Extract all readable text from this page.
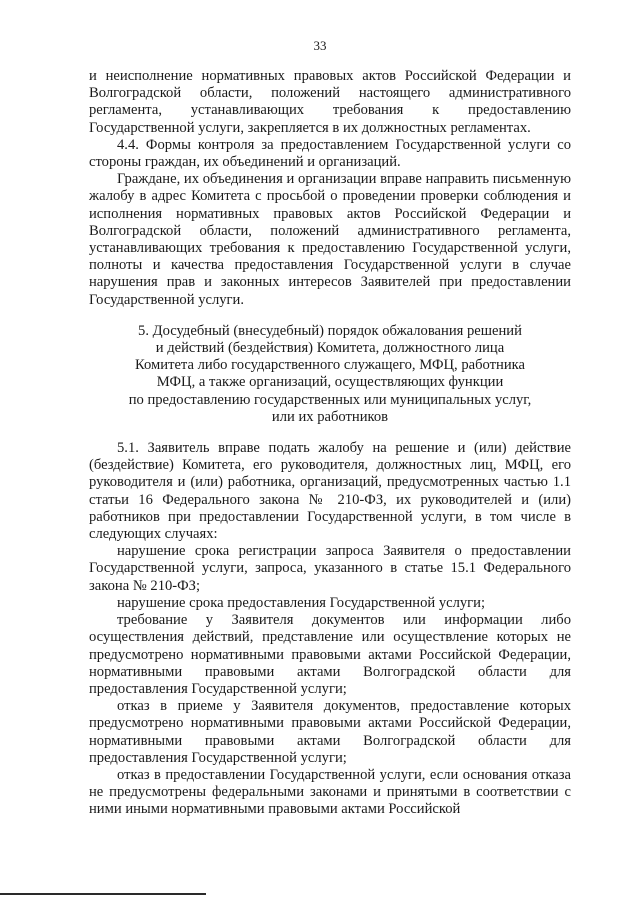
33

и неисполнение нормативных правовых актов Российской Федерации и Волгоградской области, положений настоящего административного регламента, устанавливающих требования к предоставлению Государственной услуги, закрепляется в их должностных регламентах.

4.4. Формы контроля за предоставлением Государственной услуги со стороны граждан, их объединений и организаций.

Граждане, их объединения и организации вправе направить письменную жалобу в адрес Комитета с просьбой о проведении проверки соблюдения и исполнения нормативных правовых актов Российской Федерации и Волгоградской области, положений административного регламента, устанавливающих требования к предоставлению Государственной услуги, полноты и качества предоставления Государственной услуги в случае нарушения прав и законных интересов Заявителей при предоставлении Государственной услуги.

5. Досудебный (внесудебный) порядок обжалования решений

и действий (бездействия) Комитета, должностного лица

Комитета либо государственного служащего, МФЦ, работника

МФЦ, а также организаций, осуществляющих функции

по предоставлению государственных или муниципальных услуг,

или их работников

5.1. Заявитель вправе подать жалобу на решение и (или) действие (бездействие) Комитета, его руководителя, должностных лиц, МФЦ, его руководителя и (или) работника, организаций, предусмотренных частью 1.1 статьи 16 Федерального закона № 210-ФЗ, их руководителей и (или) работников при предоставлении Государственной услуги, в том числе в следующих случаях:

нарушение срока регистрации запроса Заявителя о предоставлении Государственной услуги, запроса, указанного в статье 15.1 Федерального закона № 210-ФЗ;

нарушение срока предоставления Государственной услуги;

требование у Заявителя документов или информации либо осуществления действий, представление или осуществление которых не предусмотрено нормативными правовыми актами Российской Федерации, нормативными правовыми актами Волгоградской области для предоставления Государственной услуги;

отказ в приеме у Заявителя документов, предоставление которых предусмотрено нормативными правовыми актами Российской Федерации, нормативными правовыми актами Волгоградской области для предоставления Государственной услуги;

отказ в предоставлении Государственной услуги, если основания отказа не предусмотрены федеральными законами и принятыми в соответствии с ними иными нормативными правовыми актами Российской
